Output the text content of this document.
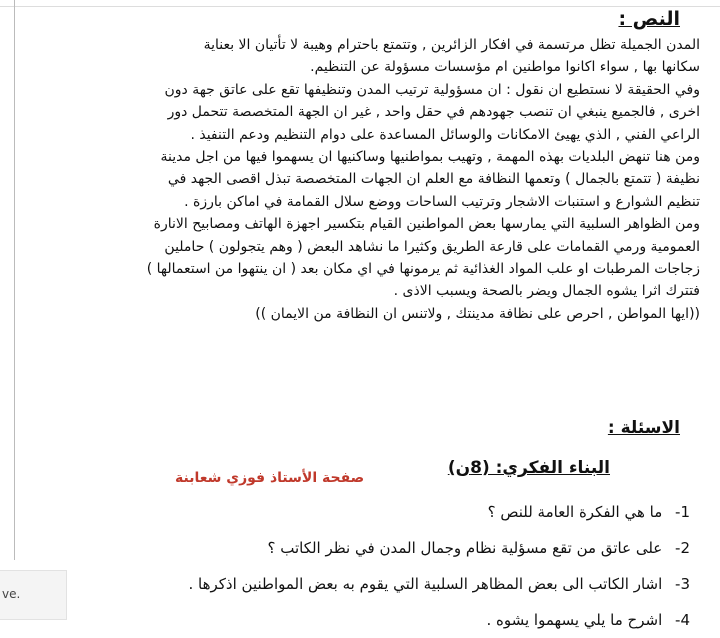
النص :
المدن الجميلة تظل مرتسمة في افكار الزائرين , وتتمتع باحترام وهيبة لا تأتيان الا بعناية
سكانها بها , سواء اكانوا مواطنين ام مؤسسات مسؤولة عن التنظيم.
وفي الحقيقة لا نستطيع ان نقول : ان مسؤولية ترتيب المدن وتنظيفها تقع على عاتق جهة دون
اخرى , فالجميع ينبغي ان تنصب جهودهم في حقل واحد , غير ان الجهة المتخصصة تتحمل دور
الراعي الفني , الذي يهيئ الامكانات والوسائل المساعدة على دوام التنظيم ودعم التنفيذ .
ومن هنا تنهض البلديات بهذه المهمة , وتهيب بمواطنيها وساكنيها ان يسهموا فيها من اجل مدينة
نظيفة ( تتمتع بالجمال ) وتعمها النظافة مع العلم ان الجهات المتخصصة تبذل اقصى الجهد في
تنظيم الشوارع و استنبات الاشجار وترتيب الساحات ووضع سلال القمامة في اماكن بارزة .
ومن الظواهر السلبية التي يمارسها بعض المواطنين القيام بتكسير اجهزة الهاتف ومصابيح الانارة
العمومية ورمي القمامات على قارعة الطريق وكثيرا ما نشاهد البعض ( وهم يتجولون ) حاملين
زجاجات المرطبات او علب المواد الغذائية ثم يرمونها في اي مكان بعد ( ان ينتهوا من استعمالها )
فتترك اثرا يشوه الجمال ويضر بالصحة ويسبب الاذى .
((ايها المواطن , احرص على نظافة مدينتك , ولاتنس ان النظافة من الايمان ))
الاسئلة :
البناء الفكري: (8ن)
صفحة الأستاذ فوزي شعابنة
1- ما هي الفكرة العامة للنص ؟
2- على عاتق من تقع مسؤلية نظام وجمال المدن في نظر الكاتب ؟
3- اشار الكاتب الى بعض المظاهر السلبية التي يقوم به بعض المواطنين اذكرها .
4- اشرح ما يلي يسهموا يشوه .
ve.
